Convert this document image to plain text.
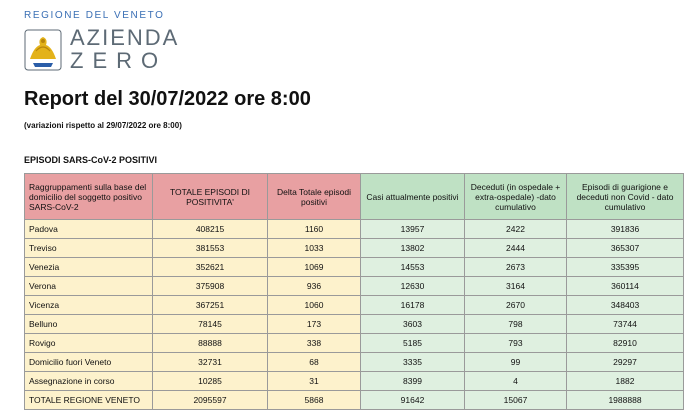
REGIONE DEL VENETO
AZIENDA
ZERO
Report del 30/07/2022 ore 8:00
(variazioni rispetto al 29/07/2022 ore 8:00)
EPISODI SARS-CoV-2 POSITIVI
Raggruppamenti sulla base del domicilio del soggetto positivo SARS-CoV-2	TOTALE EPISODI DI POSITIVITA'	Delta Totale episodi positivi	Casi attualmente positivi	Deceduti (in ospedale + extra-ospedale) -dato cumulativo	Episodi di guarigione e deceduti non Covid - dato cumulativo
Padova	408215	1160	13957	2422	391836
Treviso	381553	1033	13802	2444	365307
Venezia	352621	1069	14553	2673	335395
Verona	375908	936	12630	3164	360114
Vicenza	367251	1060	16178	2670	348403
Belluno	78145	173	3603	798	73744
Rovigo	88888	338	5185	793	82910
Domicilio fuori Veneto	32731	68	3335	99	29297
Assegnazione in corso	10285	31	8399	4	1882
TOTALE REGIONE VENETO	2095597	5868	91642	15067	1988888
